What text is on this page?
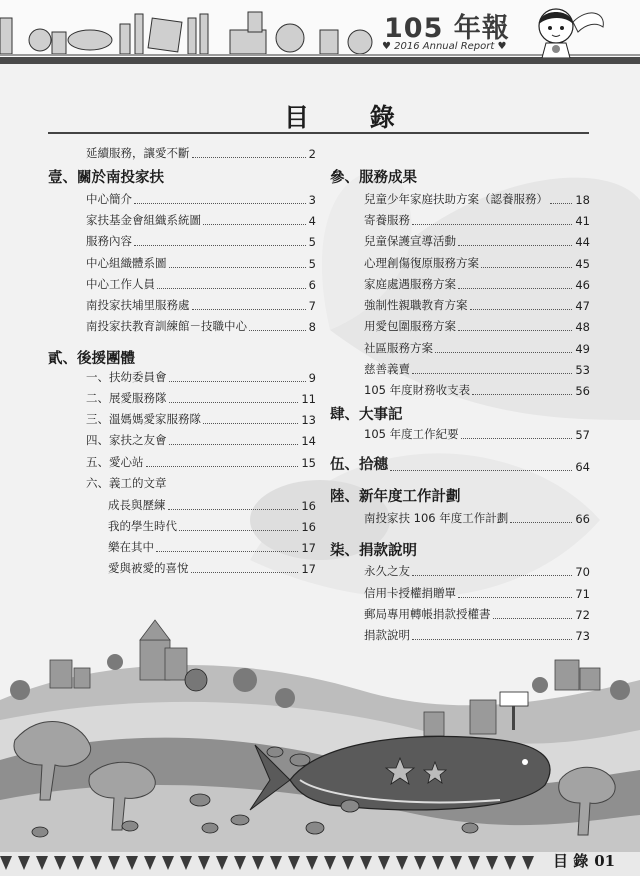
105 年報
♥ 2016 Annual Report ♥
目 錄
延續服務，讓愛不斷	2
壹、關於南投家扶
中心簡介	3
家扶基金會組織系統圖	4
服務內容	5
中心組織體系圖	5
中心工作人員	6
南投家扶埔里服務處	7
南投家扶教育訓練館－技職中心	8
貳、後援團體
一、扶幼委員會	9
二、展愛服務隊	11
三、溫媽媽愛家服務隊	13
四、家扶之友會	14
五、愛心站	15
六、義工的文章
成長與歷練	16
我的學生時代	16
樂在其中	17
愛與被愛的喜悅	17
參、服務成果
兒童少年家庭扶助方案（認養服務） 18
寄養服務	41
兒童保護宣導活動	44
心理創傷復原服務方案	45
家庭處遇服務方案	46
強制性親職教育方案	47
用愛包圍服務方案	48
社區服務方案	49
慈善義賣	53
105 年度財務收支表	56
肆、大事記
105 年度工作紀要	57
伍、拾穗	64
陸、新年度工作計劃
南投家扶 106 年度工作計劃	66
柒、捐款說明
永久之友	70
信用卡授權捐贈單	71
郵局專用轉帳捐款授權書	72
捐款說明	73
目 錄 01
